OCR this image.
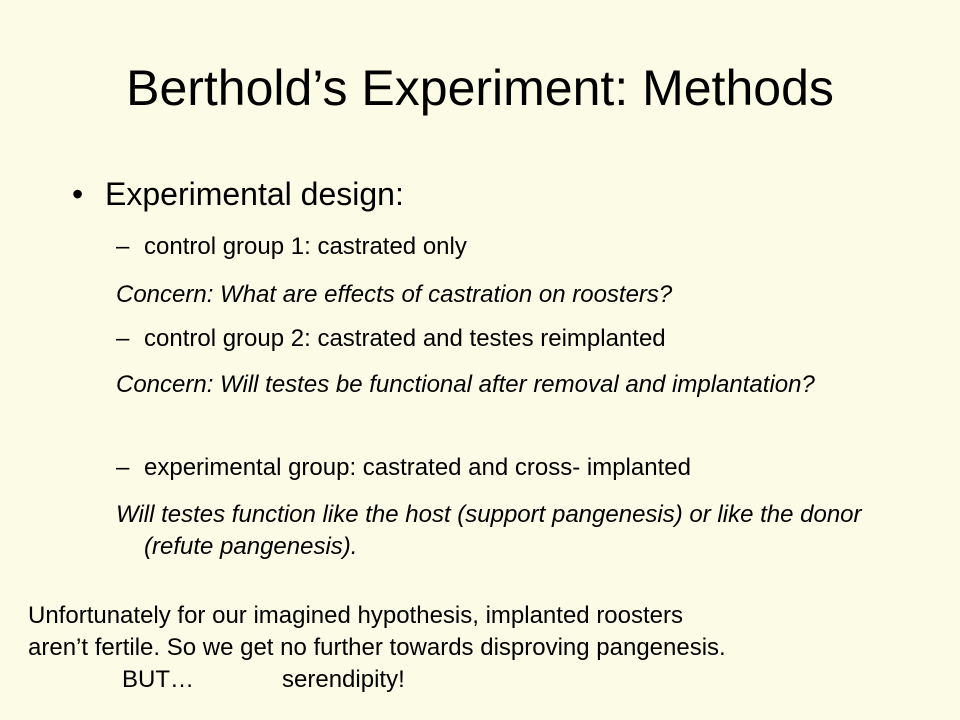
Berthold’s Experiment: Methods
• Experimental design:
– control group 1: castrated only
Concern: What are effects of castration on roosters?
– control group 2: castrated and testes reimplanted
Concern: Will testes be functional after removal and implantation?
– experimental group: castrated and cross- implanted
Will testes function like the host (support pangenesis) or like the donor (refute pangenesis).
Unfortunately for our imagined hypothesis, implanted roosters
aren’t fertile. So we get no further towards disproving pangenesis.
BUT…	serendipity!
